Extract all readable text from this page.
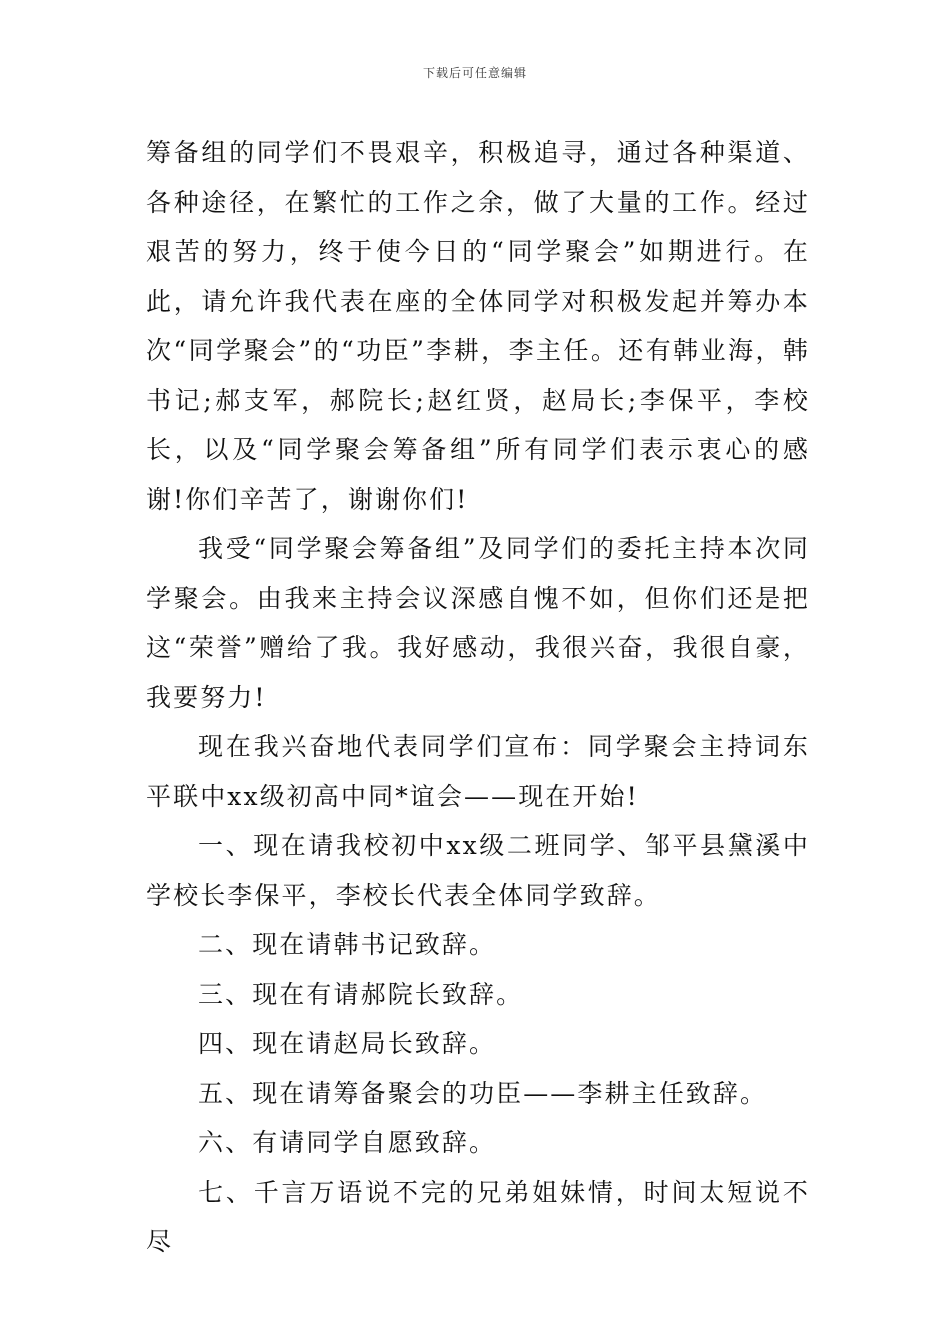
下载后可任意编辑

筹备组的同学们不畏艰辛，积极追寻，通过各种渠道、各种途径，在繁忙的工作之余，做了大量的工作。经过艰苦的努力，终于使今日的“同学聚会”如期进行。在此，请允许我代表在座的全体同学对积极发起并筹办本次“同学聚会”的“功臣”李耕，李主任。还有韩业海，韩书记;郝支军，郝院长;赵红贤，赵局长;李保平，李校长，以及“同学聚会筹备组”所有同学们表示衷心的感谢!你们辛苦了，谢谢你们!

我受“同学聚会筹备组”及同学们的委托主持本次同学聚会。由我来主持会议深感自愧不如，但你们还是把这“荣誉”赠给了我。我好感动，我很兴奋，我很自豪，我要努力!

现在我兴奋地代表同学们宣布：同学聚会主持词东平联中xx级初高中同*谊会——现在开始!

一、现在请我校初中xx级二班同学、邹平县黛溪中学校长李保平，李校长代表全体同学致辞。

二、现在请韩书记致辞。

三、现在有请郝院长致辞。

四、现在请赵局长致辞。

五、现在请筹备聚会的功臣——李耕主任致辞。

六、有请同学自愿致辞。

七、千言万语说不完的兄弟姐妹情，时间太短说不尽
